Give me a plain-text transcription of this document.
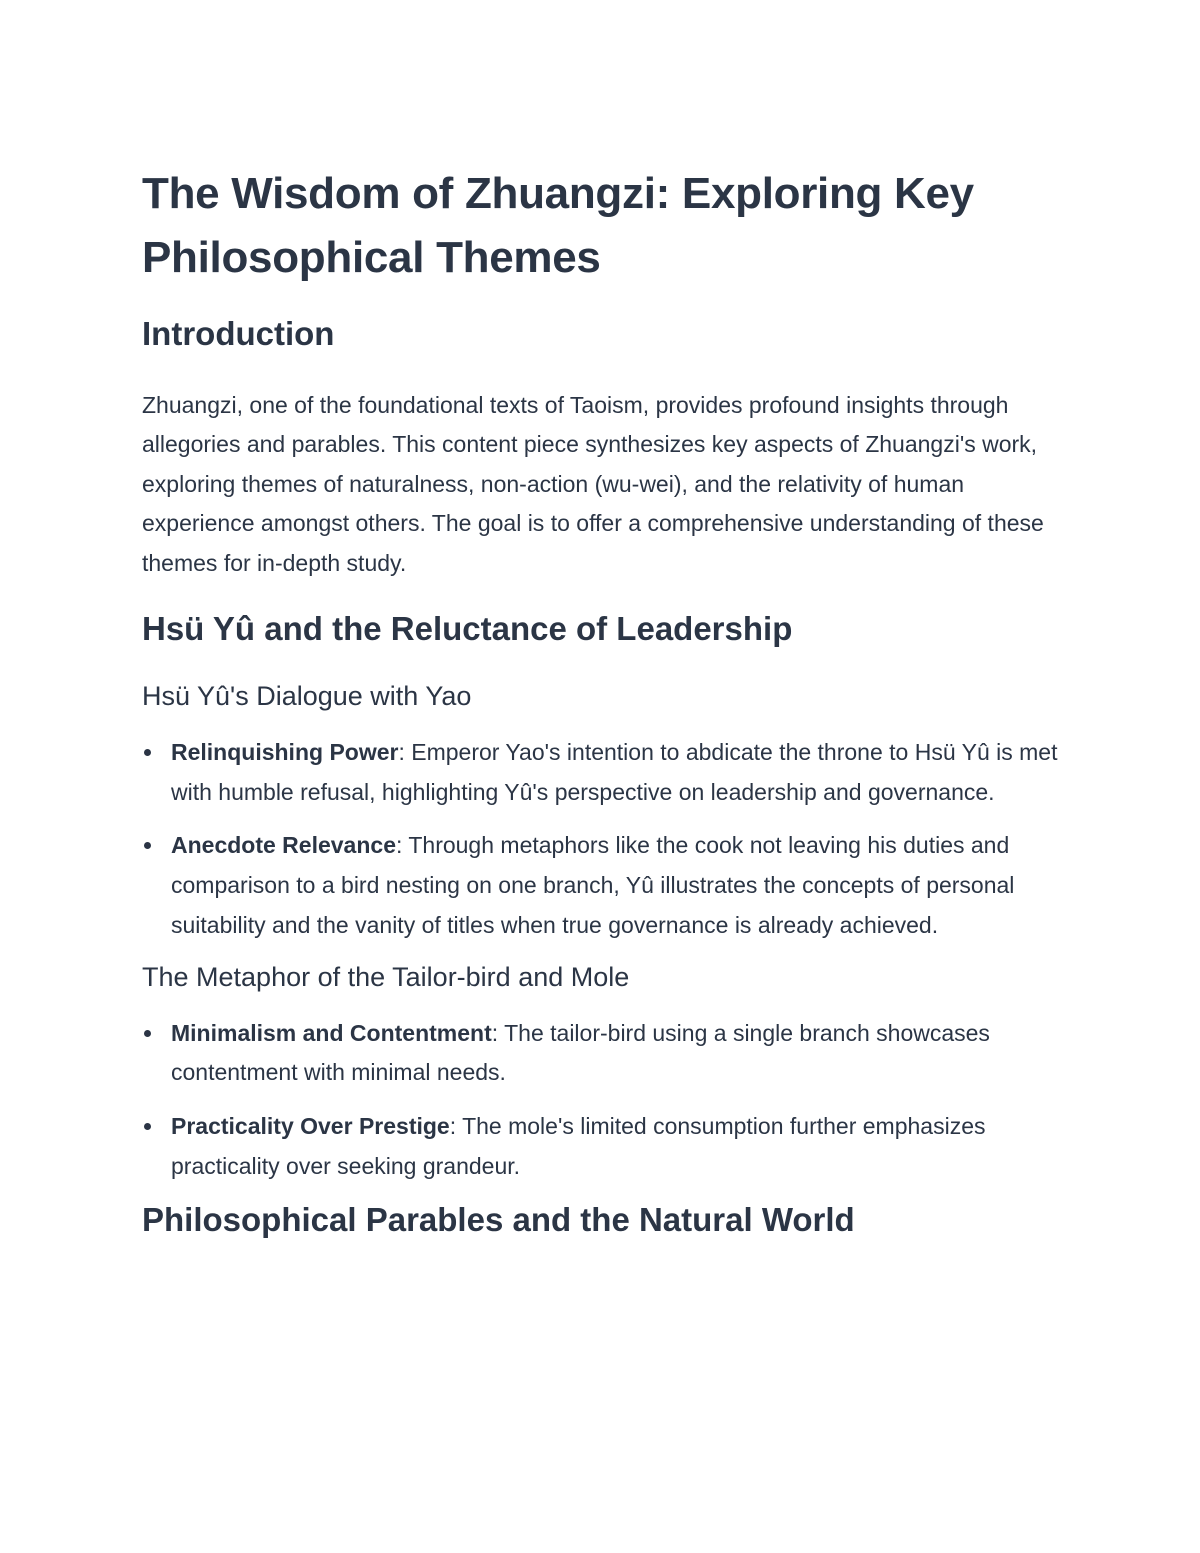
The Wisdom of Zhuangzi: Exploring Key Philosophical Themes
Introduction

Zhuangzi, one of the foundational texts of Taoism, provides profound insights through allegories and parables. This content piece synthesizes key aspects of Zhuangzi's work, exploring themes of naturalness, non-action (wu-wei), and the relativity of human experience amongst others. The goal is to offer a comprehensive understanding of these themes for in-depth study.

Hsü Yû and the Reluctance of Leadership
Hsü Yû's Dialogue with Yao
Relinquishing Power: Emperor Yao's intention to abdicate the throne to Hsü Yû is met with humble refusal, highlighting Yû's perspective on leadership and governance.
Anecdote Relevance: Through metaphors like the cook not leaving his duties and comparison to a bird nesting on one branch, Yû illustrates the concepts of personal suitability and the vanity of titles when true governance is already achieved.
The Metaphor of the Tailor-bird and Mole
Minimalism and Contentment: The tailor-bird using a single branch showcases contentment with minimal needs.
Practicality Over Prestige: The mole's limited consumption further emphasizes practicality over seeking grandeur.
Philosophical Parables and the Natural World
